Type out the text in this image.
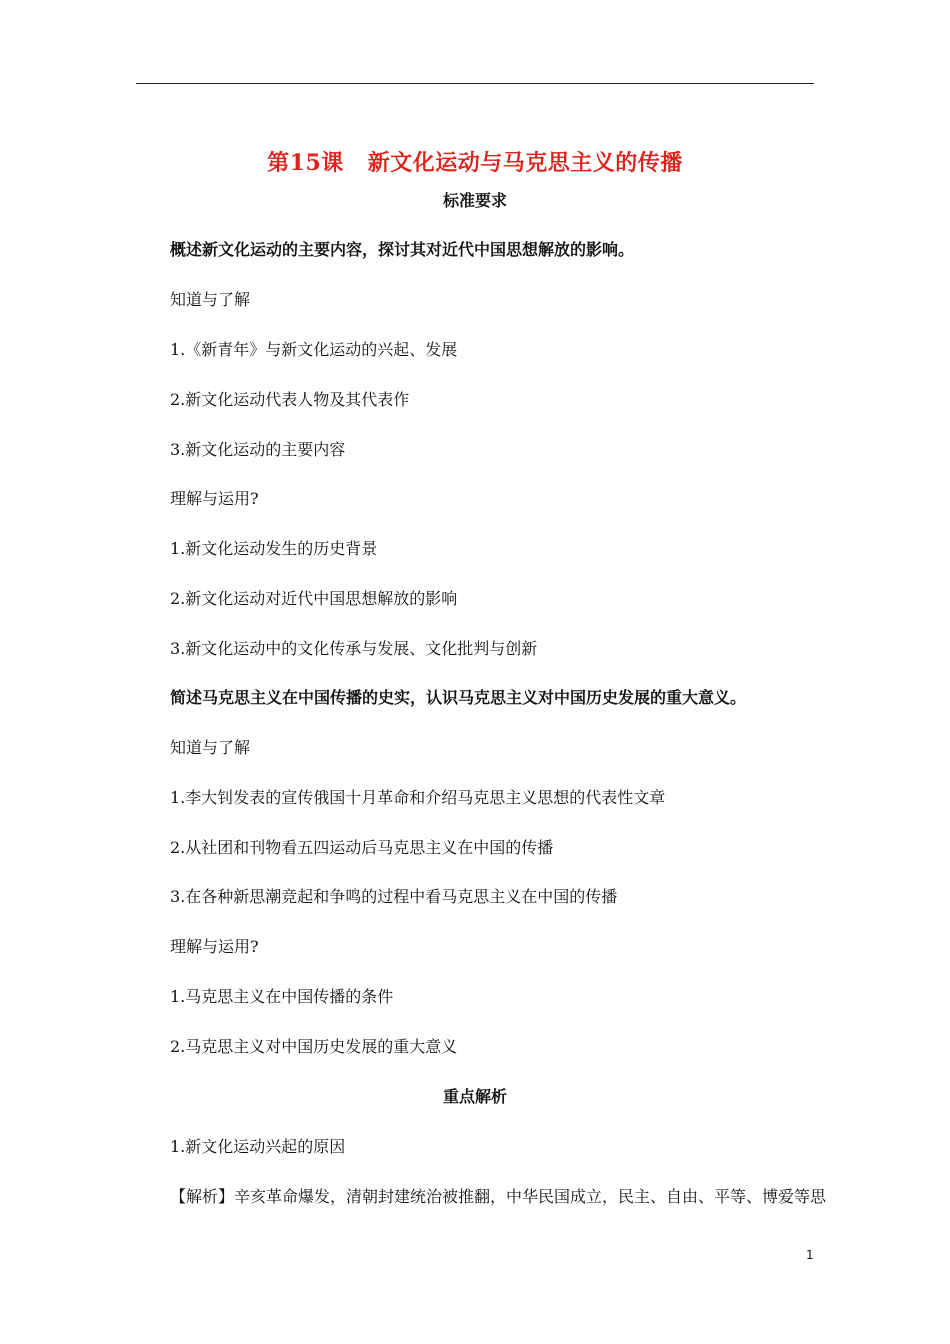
第15课 新文化运动与马克思主义的传播
标准要求
概述新文化运动的主要内容，探讨其对近代中国思想解放的影响。
知道与了解
1.《新青年》与新文化运动的兴起、发展
2.新文化运动代表人物及其代表作
3.新文化运动的主要内容
理解与运用?
1.新文化运动发生的历史背景
2.新文化运动对近代中国思想解放的影响
3.新文化运动中的文化传承与发展、文化批判与创新
简述马克思主义在中国传播的史实，认识马克思主义对中国历史发展的重大意义。
知道与了解
1.李大钊发表的宣传俄国十月革命和介绍马克思主义思想的代表性文章
2.从社团和刊物看五四运动后马克思主义在中国的传播
3.在各种新思潮竞起和争鸣的过程中看马克思主义在中国的传播
理解与运用?
1.马克思主义在中国传播的条件
2.马克思主义对中国历史发展的重大意义
重点解析
1.新文化运动兴起的原因
【解析】辛亥革命爆发，清朝封建统治被推翻，中华民国成立，民主、自由、平等、博爱等思
1
